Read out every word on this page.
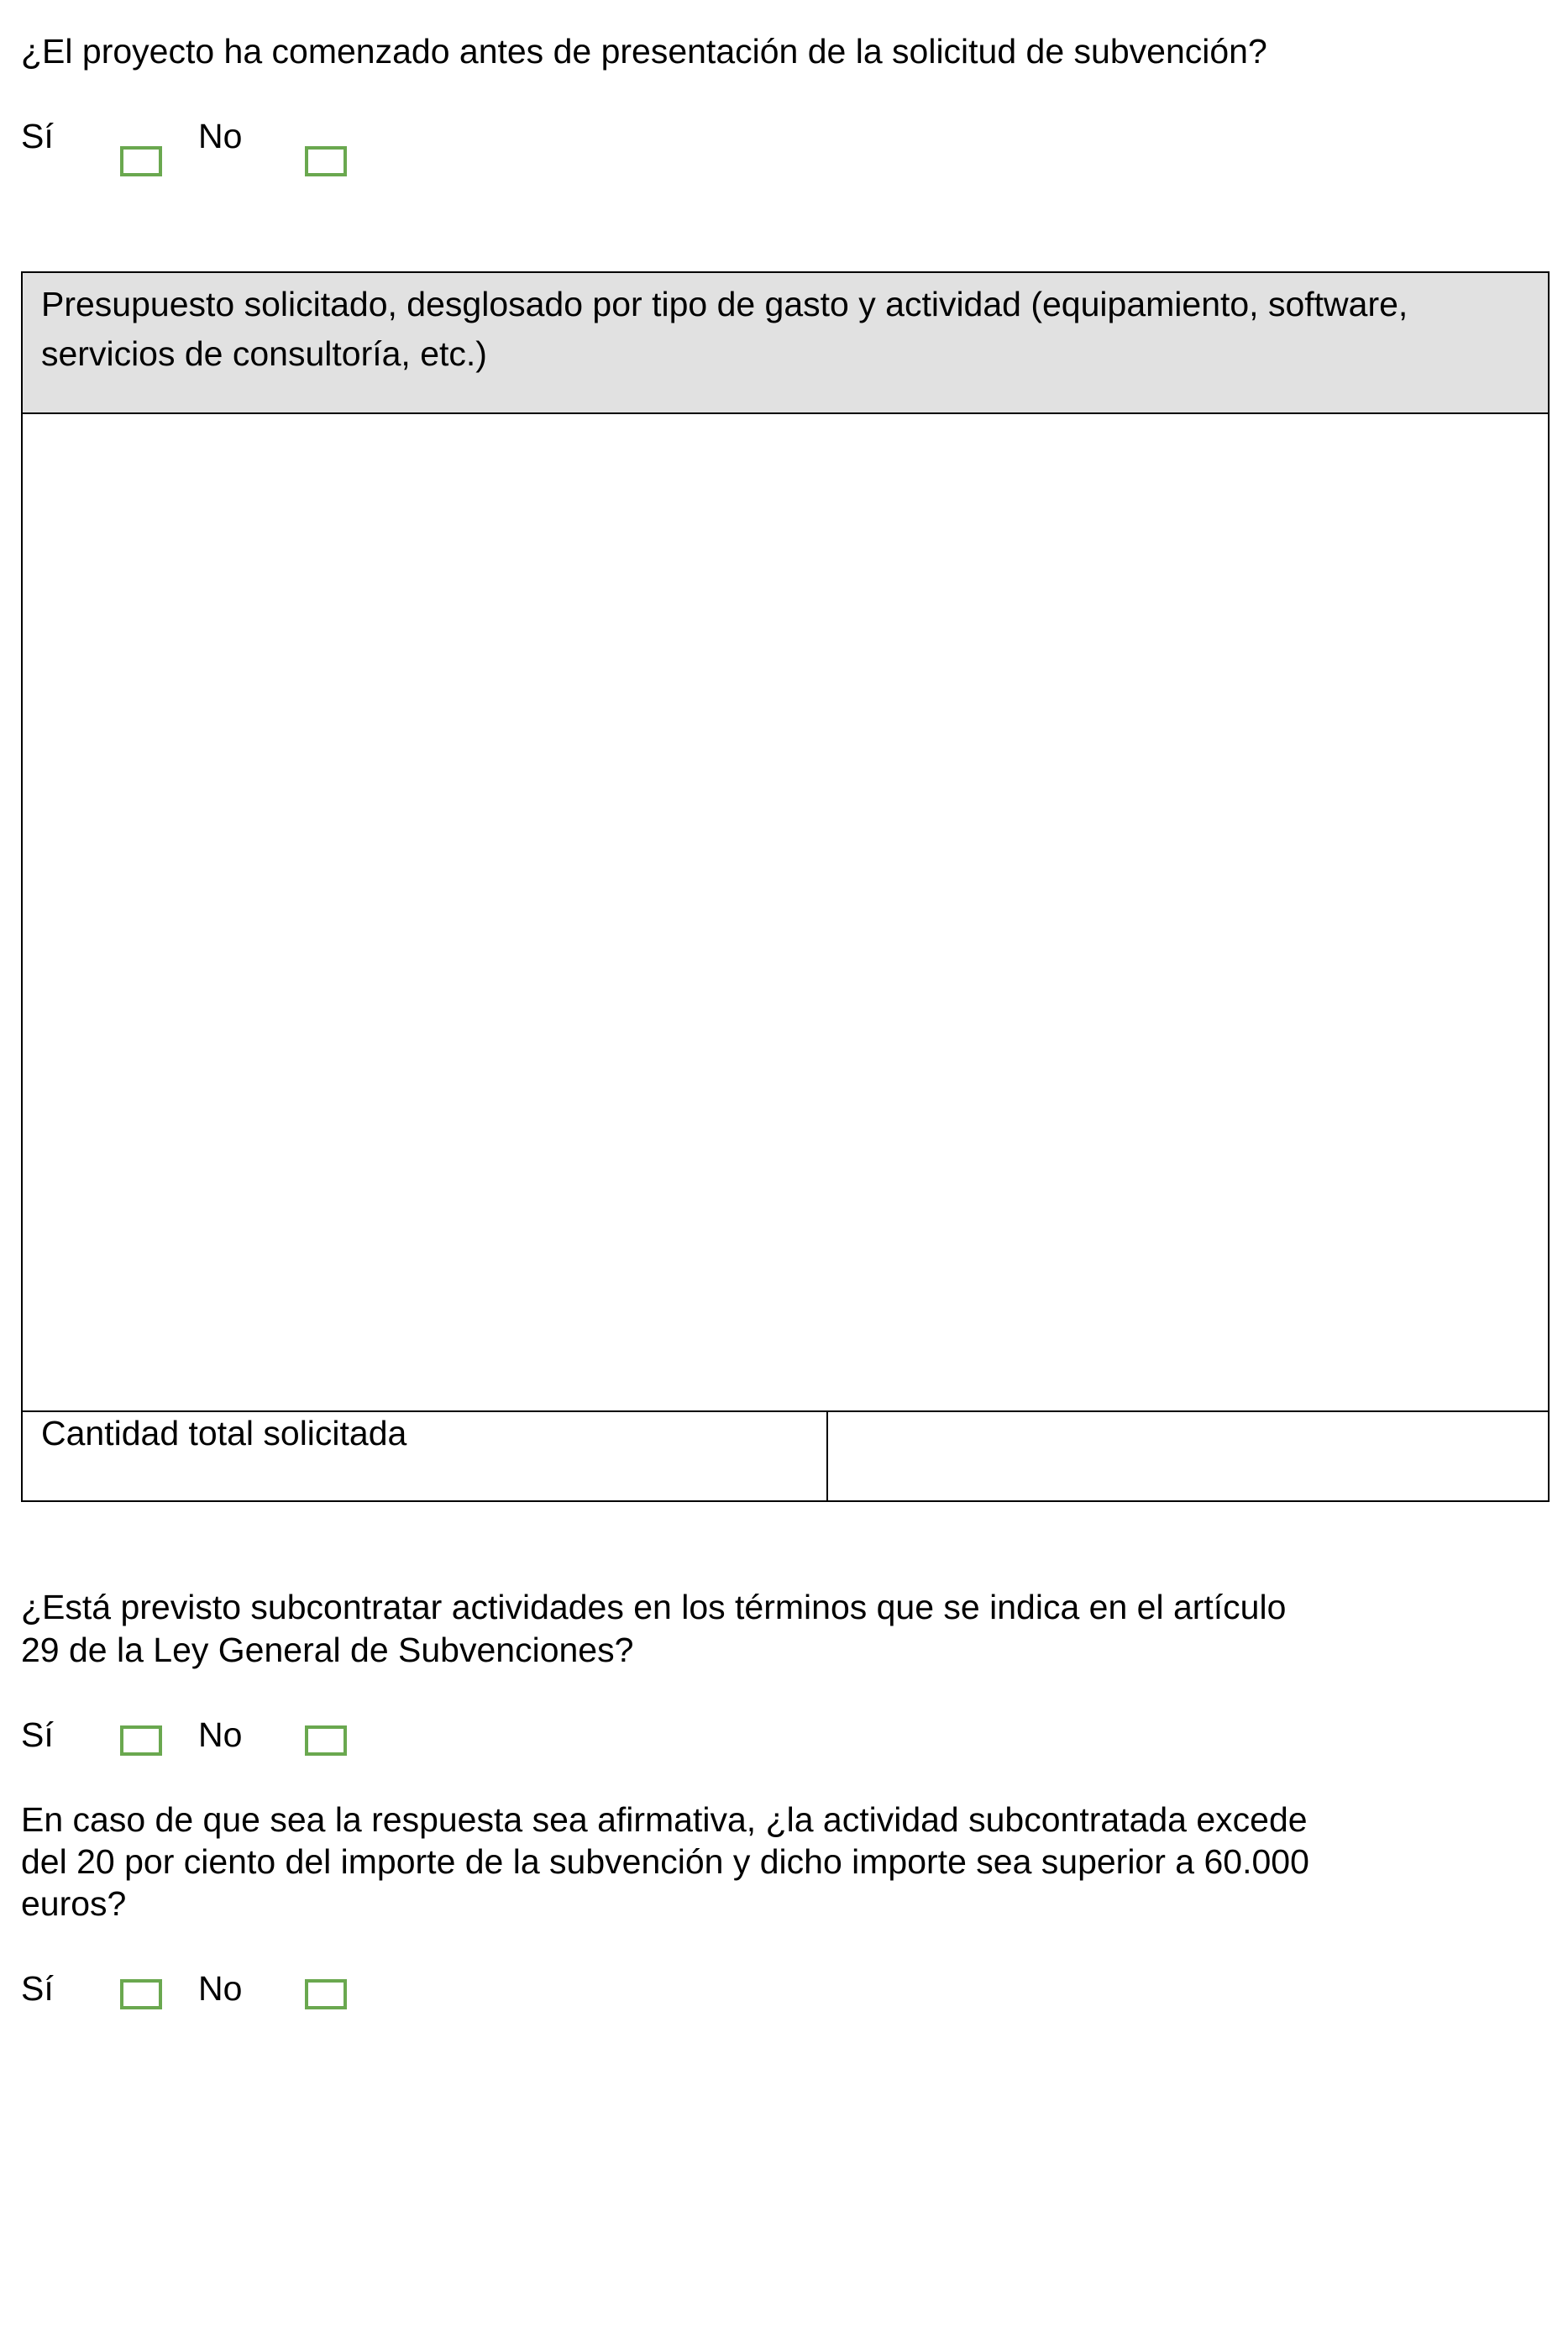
¿El proyecto ha comenzado antes de presentación de la solicitud de subvención?
Sí	No
Presupuesto solicitado, desglosado por tipo de gasto y actividad (equipamiento, software, servicios de consultoría, etc.)
Cantidad total solicitada
¿Está previsto subcontratar actividades en los términos que se indica en el artículo
29 de la Ley General de Subvenciones?
Sí	No
En caso de que sea la respuesta sea afirmativa, ¿la actividad subcontratada excede
del 20 por ciento del importe de la subvención y dicho importe sea superior a 60.000
euros?
Sí	No
